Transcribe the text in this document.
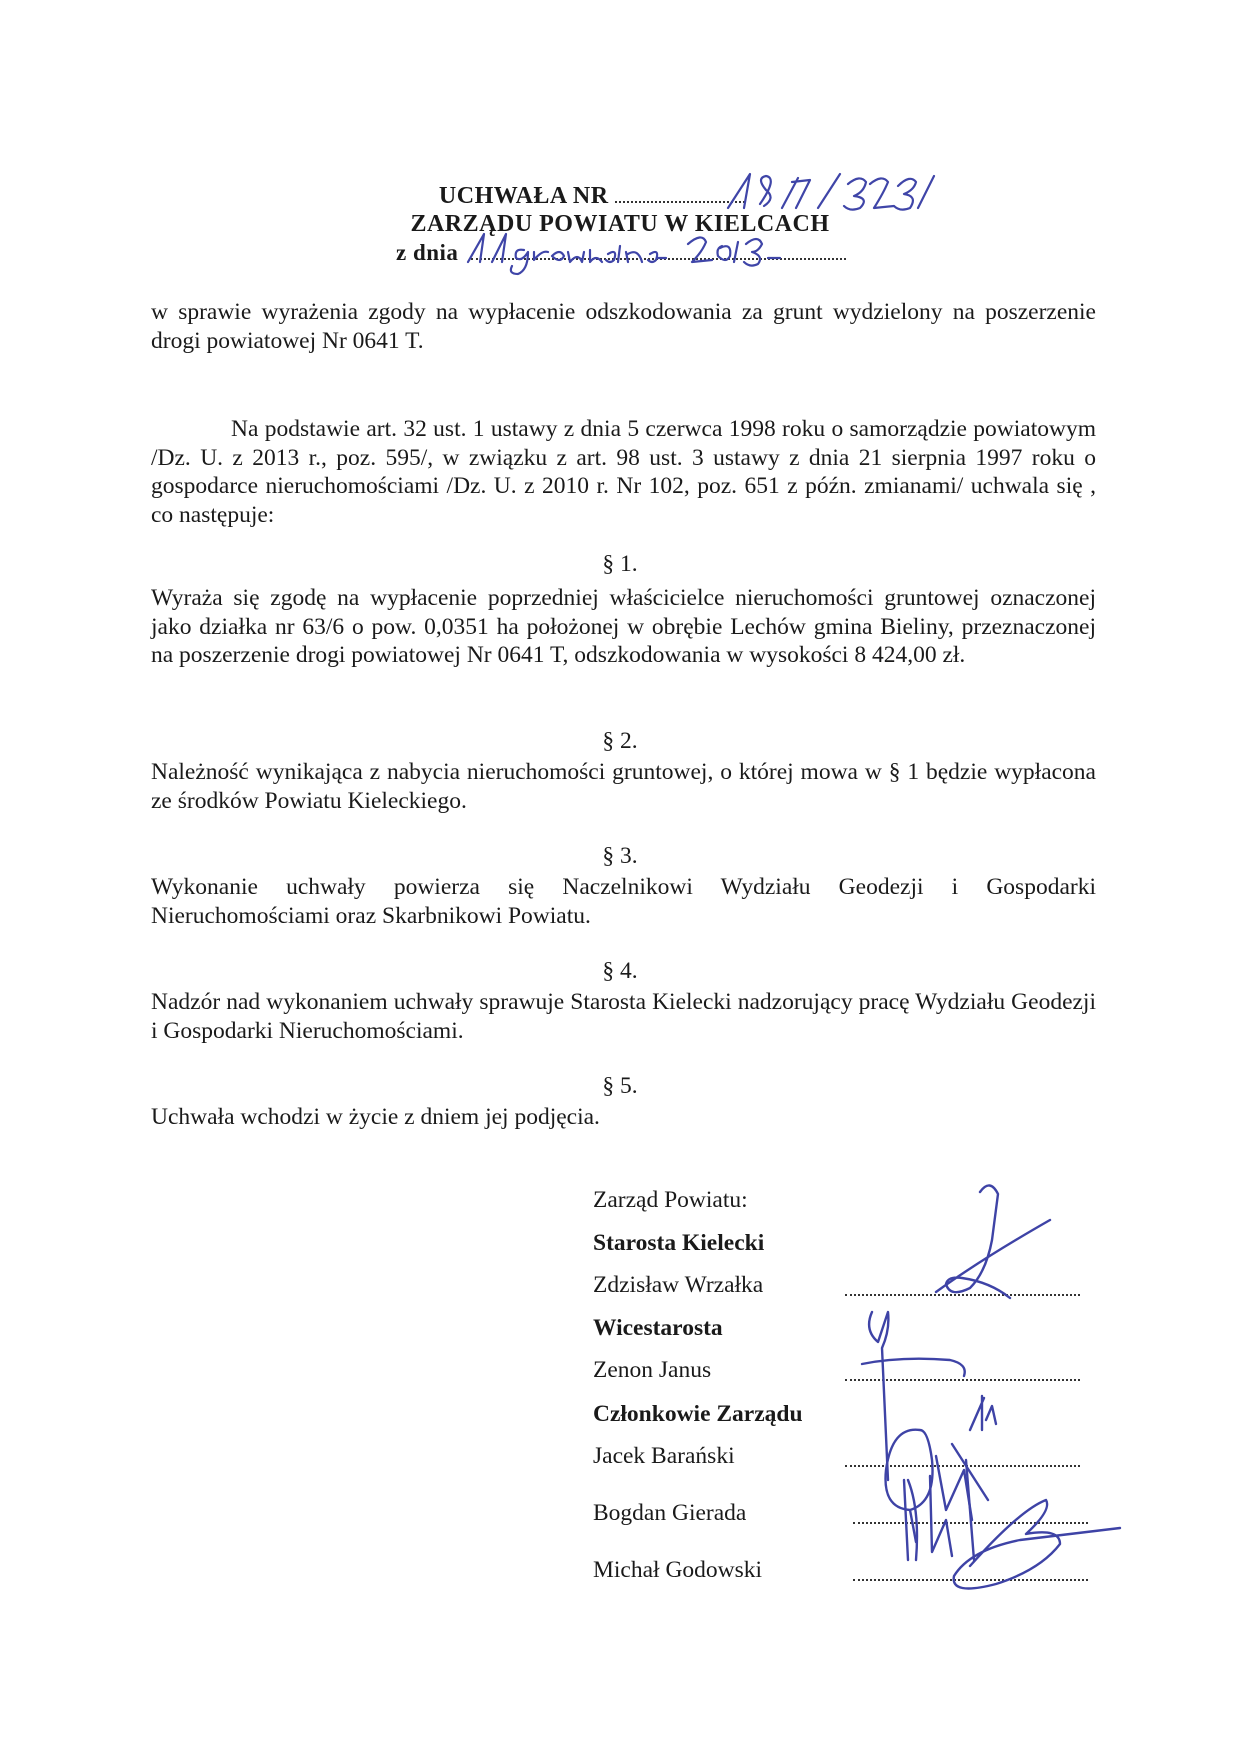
UCHWAŁA NR
ZARZĄDU POWIATU W KIELCACH
z dnia
w sprawie wyrażenia zgody na wypłacenie odszkodowania za grunt wydzielony na poszerzenie drogi powiatowej Nr 0641 T.
Na podstawie art. 32 ust. 1 ustawy z dnia 5 czerwca 1998 roku o samorządzie powiatowym /Dz. U. z 2013 r., poz. 595/, w związku z art. 98 ust. 3 ustawy z dnia 21 sierpnia 1997 roku o gospodarce nieruchomościami /Dz. U. z 2010 r. Nr 102, poz. 651 z późn. zmianami/ uchwala się , co następuje:
§ 1.
Wyraża się zgodę na wypłacenie poprzedniej właścicielce nieruchomości gruntowej oznaczonej jako działka nr 63/6 o pow. 0,0351 ha położonej w obrębie Lechów gmina Bieliny, przeznaczonej na poszerzenie drogi powiatowej Nr 0641 T, odszkodowania w wysokości 8 424,00 zł.
§ 2.
Należność wynikająca z nabycia nieruchomości gruntowej, o której mowa w § 1 będzie wypłacona ze środków Powiatu Kieleckiego.
§ 3.
Wykonanie uchwały powierza się Naczelnikowi Wydziału Geodezji i Gospodarki Nieruchomościami oraz Skarbnikowi Powiatu.
§ 4.
Nadzór nad wykonaniem uchwały sprawuje Starosta Kielecki nadzorujący pracę Wydziału Geodezji i Gospodarki Nieruchomościami.
§ 5.
Uchwała wchodzi w życie z dniem jej podjęcia.
Zarząd Powiatu:
Starosta Kielecki
Zdzisław Wrzałka
Wicestarosta
Zenon Janus
Członkowie Zarządu
Jacek Barański
Bogdan Gierada
Michał Godowski
